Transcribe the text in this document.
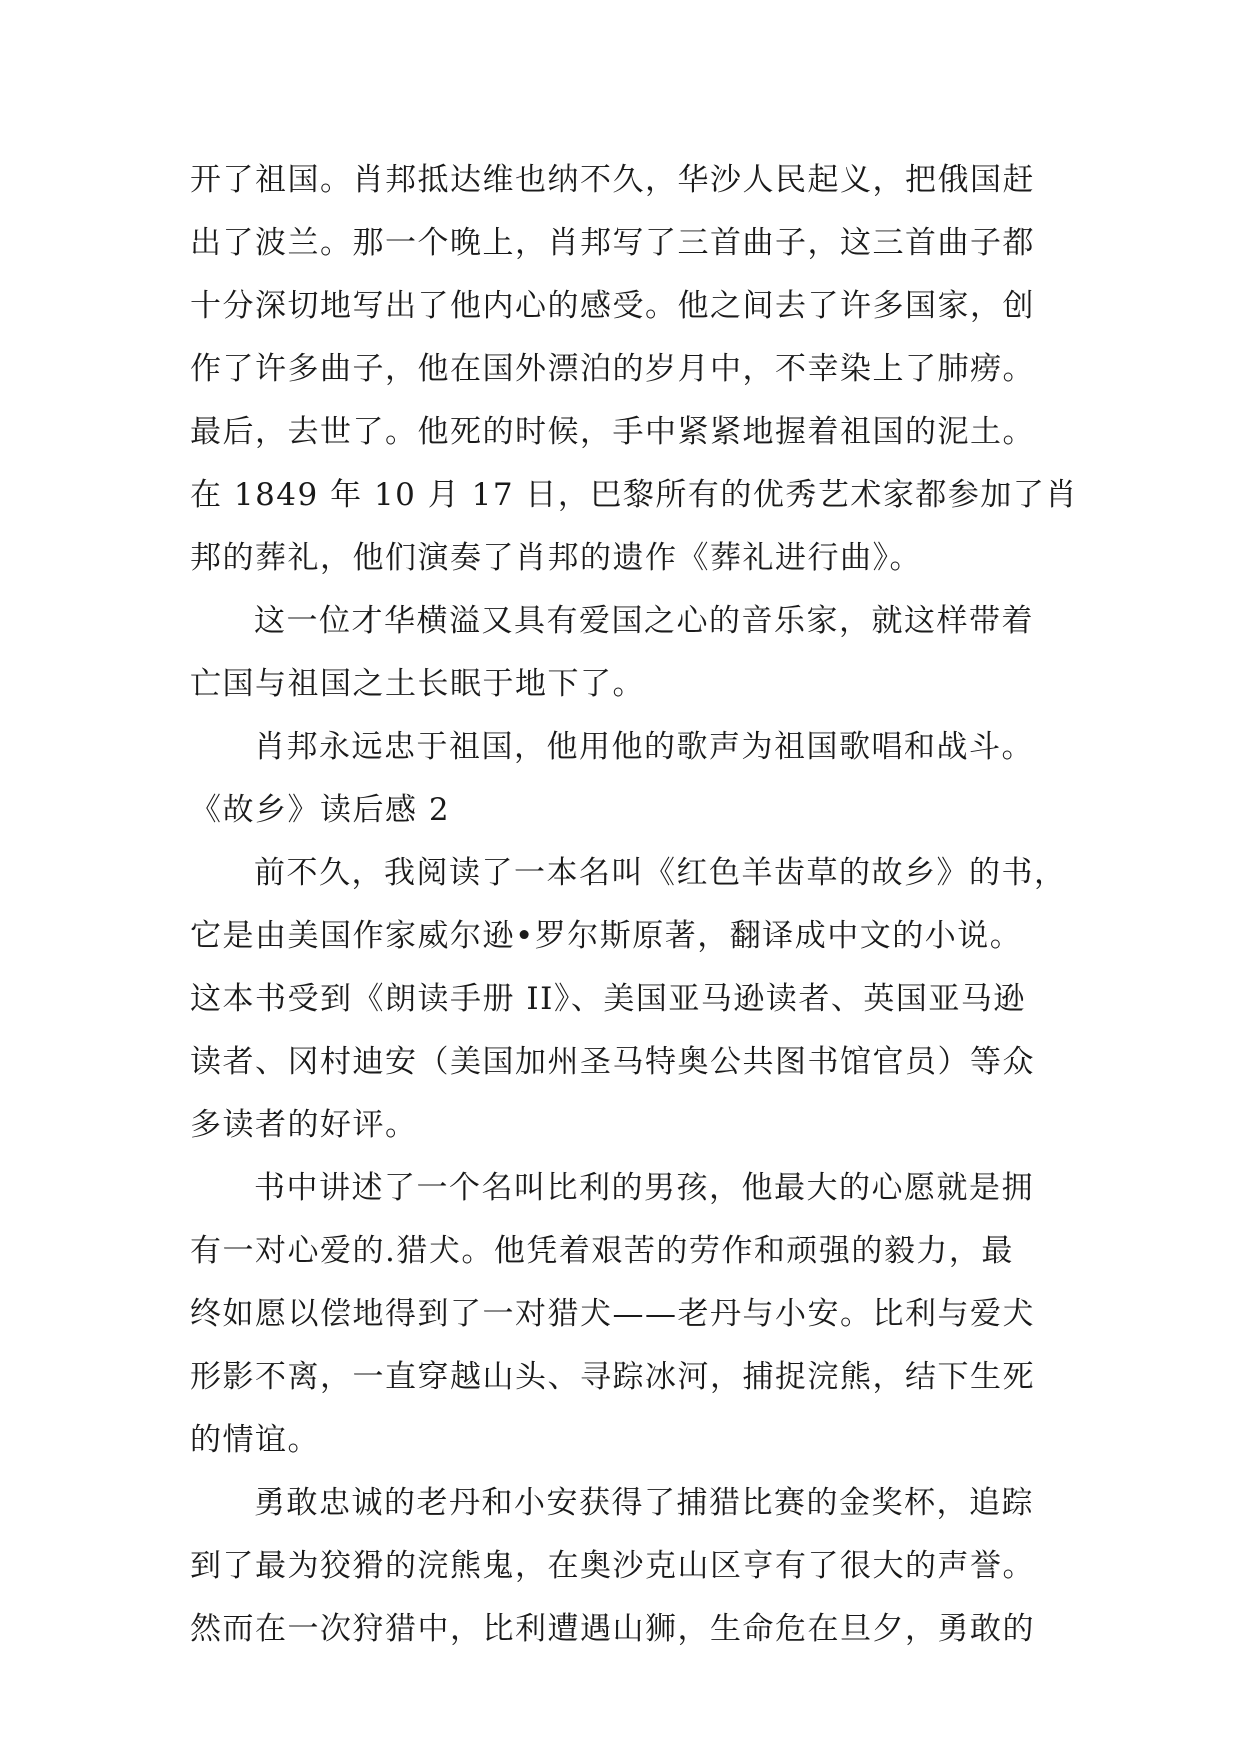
开了祖国。肖邦抵达维也纳不久，华沙人民起义，把俄国赶
出了波兰。那一个晚上，肖邦写了三首曲子，这三首曲子都
十分深切地写出了他内心的感受。他之间去了许多国家，创
作了许多曲子，他在国外漂泊的岁月中，不幸染上了肺痨。
最后，去世了。他死的时候，手中紧紧地握着祖国的泥土。
在 1849 年 10 月 17 日，巴黎所有的优秀艺术家都参加了肖
邦的葬礼，他们演奏了肖邦的遗作《葬礼进行曲》。
这一位才华横溢又具有爱国之心的音乐家，就这样带着
亡国与祖国之土长眠于地下了。
肖邦永远忠于祖国，他用他的歌声为祖国歌唱和战斗。
《故乡》读后感 2
前不久，我阅读了一本名叫《红色羊齿草的故乡》的书，
它是由美国作家威尔逊•罗尔斯原著，翻译成中文的小说。
这本书受到《朗读手册 II》、美国亚马逊读者、英国亚马逊
读者、冈村迪安（美国加州圣马特奥公共图书馆官员）等众
多读者的好评。
书中讲述了一个名叫比利的男孩，他最大的心愿就是拥
有一对心爱的.猎犬。他凭着艰苦的劳作和顽强的毅力，最
终如愿以偿地得到了一对猎犬——老丹与小安。比利与爱犬
形影不离，一直穿越山头、寻踪冰河，捕捉浣熊，结下生死
的情谊。
勇敢忠诚的老丹和小安获得了捕猎比赛的金奖杯，追踪
到了最为狡猾的浣熊鬼，在奥沙克山区亨有了很大的声誉。
然而在一次狩猎中，比利遭遇山狮，生命危在旦夕，勇敢的
